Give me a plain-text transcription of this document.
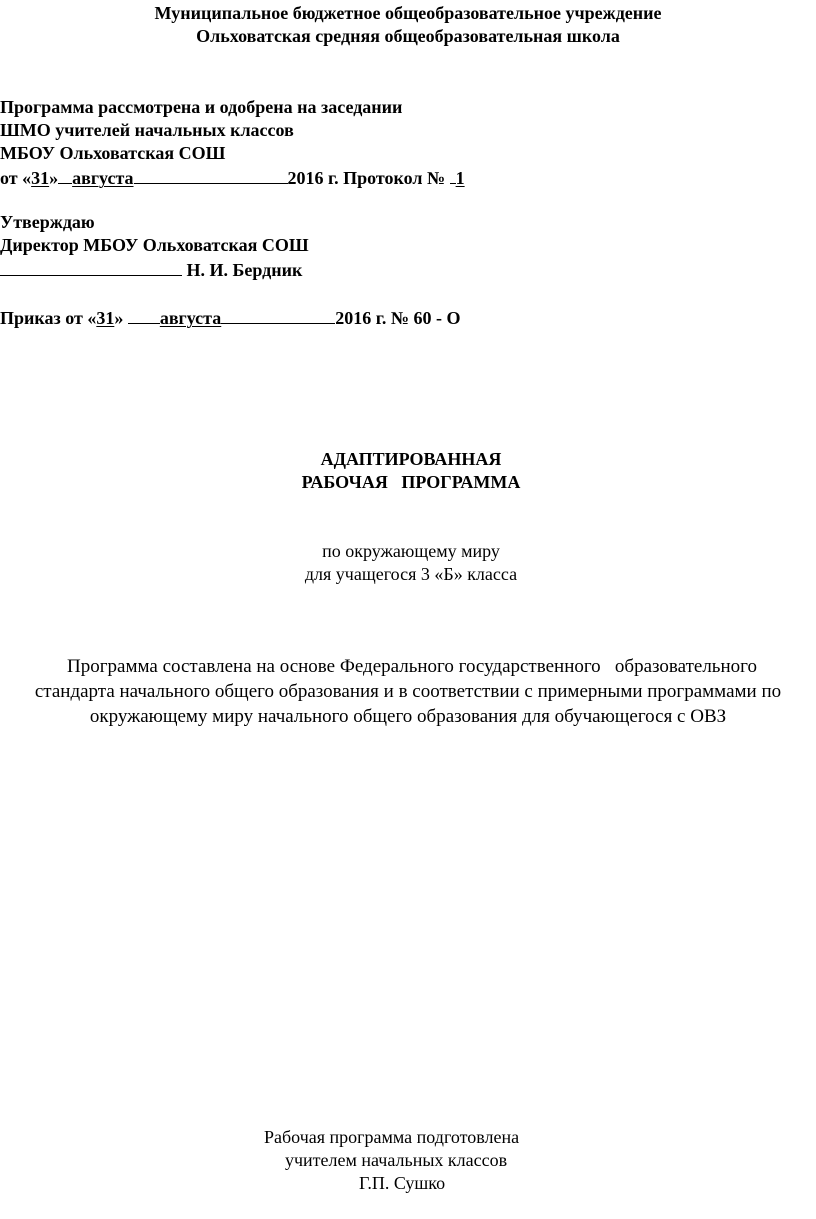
Муниципальное бюджетное общеобразовательное учреждение
Ольховатская средняя общеобразовательная школа
Программа рассмотрена и одобрена на заседании
ШМО учителей начальных классов
МБОУ Ольховатская СОШ
от «31» августа	2016 г. Протокол № 1
Утверждаю
Директор МБОУ Ольховатская СОШ
Н. И. Бердник
Приказ от «31» августа	2016 г. № 60 - О
АДАПТИРОВАННАЯ
РАБОЧАЯ   ПРОГРАММА
по окружающему миру
для учащегося 3 «Б» класса
Программа составлена на основе Федерального государственного   образовательного
стандарта начального общего образования и в соответствии с примерными программами по
окружающему миру начального общего образования для обучающегося с ОВЗ
Рабочая программа подготовлена
учителем начальных классов
Г.П. Сушко
